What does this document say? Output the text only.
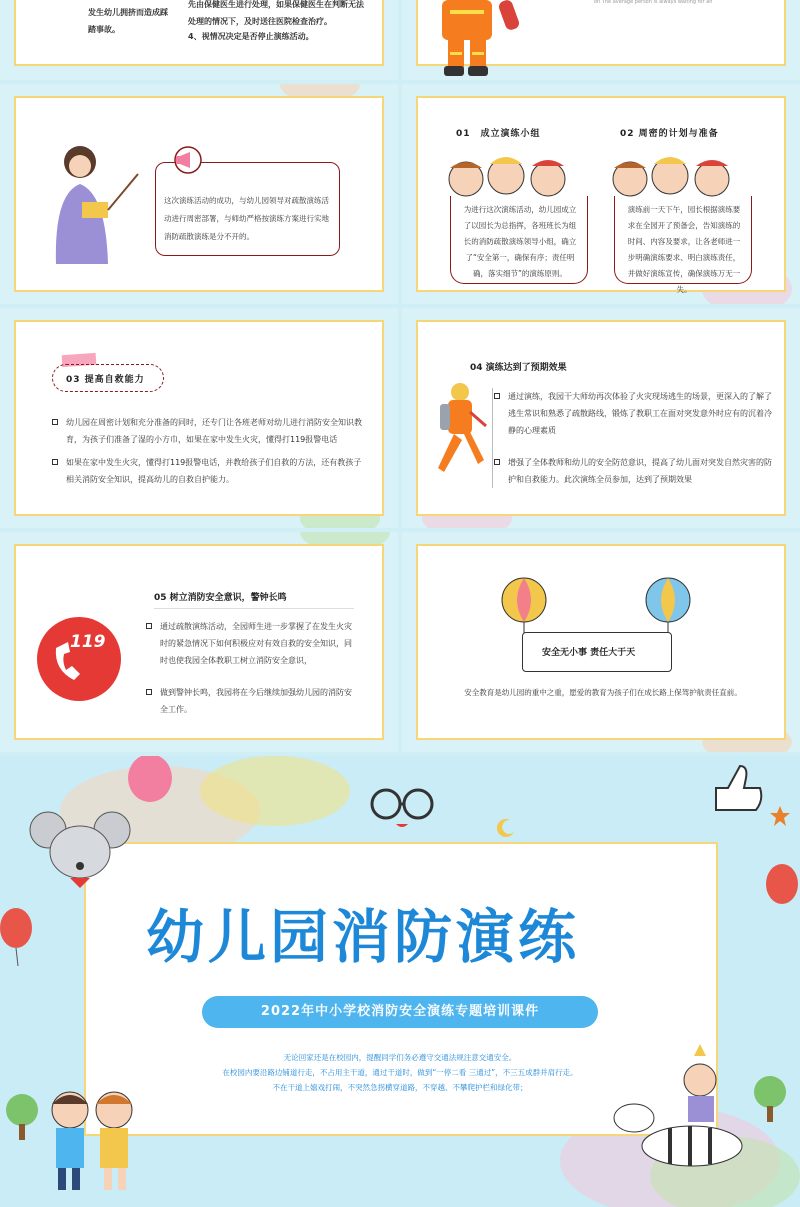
发生幼儿拥挤而造成踩踏事故。
先由保健医生进行处理，如果保健医生在判断无法处理的情况下，及时送往医院检查治疗。
4、视情况决定是否停止演练活动。
on The average person is always waiting for an
这次演练活动的成功，与幼儿园领导对疏散演练活动进行周密部署，与师幼严格按演练方案进行实地消防疏散演练是分不开的。
01　成立演练小组	02 周密的计划与准备
为进行这次演练活动，幼儿园成立了以园长为总指挥，各班班长为组长的消防疏散演练领导小组，确立了“安全第一，确保有序；责任明确，落实细节”的演练原则。
演练前一天下午，园长根据演练要求在全园开了预备会，告知演练的时间、内容及要求，让各老师进一步明确演练要求、明白演练责任，并做好演练宣传，确保演练万无一失。
03 提高自救能力
幼儿园在周密计划和充分准备的同时，还专门让各班老师对幼儿进行消防安全知识教育，为孩子们准备了湿的小方巾，如果在家中发生火灾，懂得打119报警电话
如果在家中发生火灾，懂得打119报警电话，并教给孩子们自救的方法，还有教孩子相关消防安全知识，提高幼儿的自救自护能力。
04 演练达到了预期效果
通过演练，我园干大师幼再次体验了火灾现场逃生的场景，更深入的了解了逃生常识和熟悉了疏散路线，锻炼了教职工在面对突发意外时应有的沉着冷静的心理素质
增强了全体教师和幼儿的安全防范意识，提高了幼儿面对突发自然灾害的防护和自救能力。此次演练全员参加，达到了预期效果
119
05 树立消防安全意识，警钟长鸣
通过疏散演练活动，全园师生进一步掌握了在发生火灾时的紧急情况下如何积极应对有效自救的安全知识，同时也使我园全体教职工树立消防安全意识，
做到警钟长鸣，我园将在今后继续加强幼儿园的消防安全工作。
安全无小事 责任大于天
安全教育是幼儿园的重中之重，愿爱的教育为孩子们在成长路上保驾护航责任直前。
幼儿园消防演练
2022年中小学校消防安全演练专题培训课件
无论回家还是在校园内，提醒同学们务必遵守交通法规注意交通安全。
在校园内要沿路边铺道行走，不占用主干道，通过干道时，做到“一停二看 三通过”，不三五成群并肩行走。
不在干道上嬉戏打闹，不突然急拐横穿道路，不穿越、不攀爬护栏和绿化带；
